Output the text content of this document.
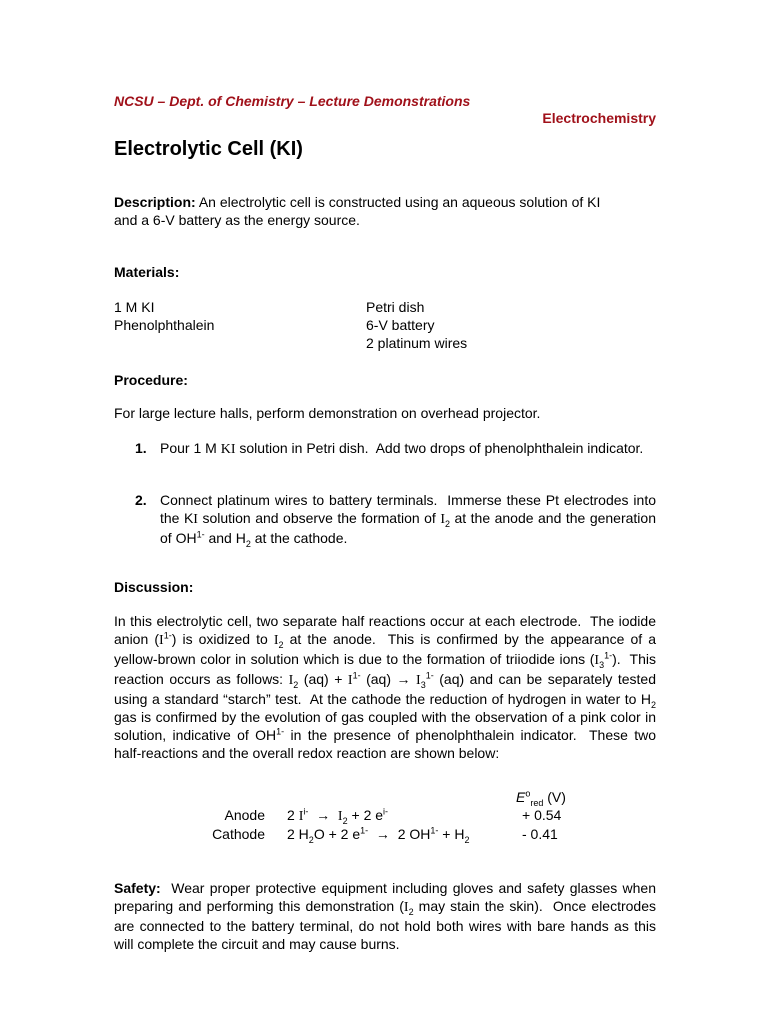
NCSU – Dept. of Chemistry – Lecture Demonstrations
Electrochemistry
Electrolytic Cell (KI)
Description: An electrolytic cell is constructed using an aqueous solution of KI
and a 6-V battery as the energy source.
Materials:
1 M KI
Phenolphthalein
Petri dish
6-V battery
2 platinum wires
Procedure:
For large lecture halls, perform demonstration on overhead projector.
1. Pour 1 M KI solution in Petri dish.  Add two drops of phenolphthalein indicator.
2. Connect platinum wires to battery terminals.  Immerse these Pt electrodes into the KI solution and observe the formation of $I_2$ at the anode and the generation of $OH^{1-}$ and $H_2$ at the cathode.
Discussion:
In this electrolytic cell, two separate half reactions occur at each electrode.  The iodide anion $(I^{1-})$ is oxidized to $I_2$ at the anode.  This is confirmed by the appearance of a yellow-brown color in solution which is due to the formation of triiodide ions $(I_3^{1-})$.  This reaction occurs as follows: $I_2$ $(aq) + I^{1-}$ $(aq) \to I_3^{1-}$ (aq) and can be separately tested using a standard “starch” test.  At the cathode the reduction of hydrogen in water to $H_2$ gas is confirmed by the evolution of gas coupled with the observation of a pink color in solution, indicative of $OH^{1-}$ in the presence of phenolphthalein indicator.  These two half-reactions and the overall redox reaction are shown below:
$E^o_{red}$ (V)
Anode 2 $I^{i-} \to I_2 + 2$ $e^{i-}$	+ 0.54
Cathode 2 $H_2O + 2$ $e^{1-} \to 2$ $OH^{1-} + H_2$	- 0.41
Safety:  Wear proper protective equipment including gloves and safety glasses when preparing and performing this demonstration ($I_2$ may stain the skin).  Once electrodes are connected to the battery terminal, do not hold both wires with bare hands as this will complete the circuit and may cause burns.
